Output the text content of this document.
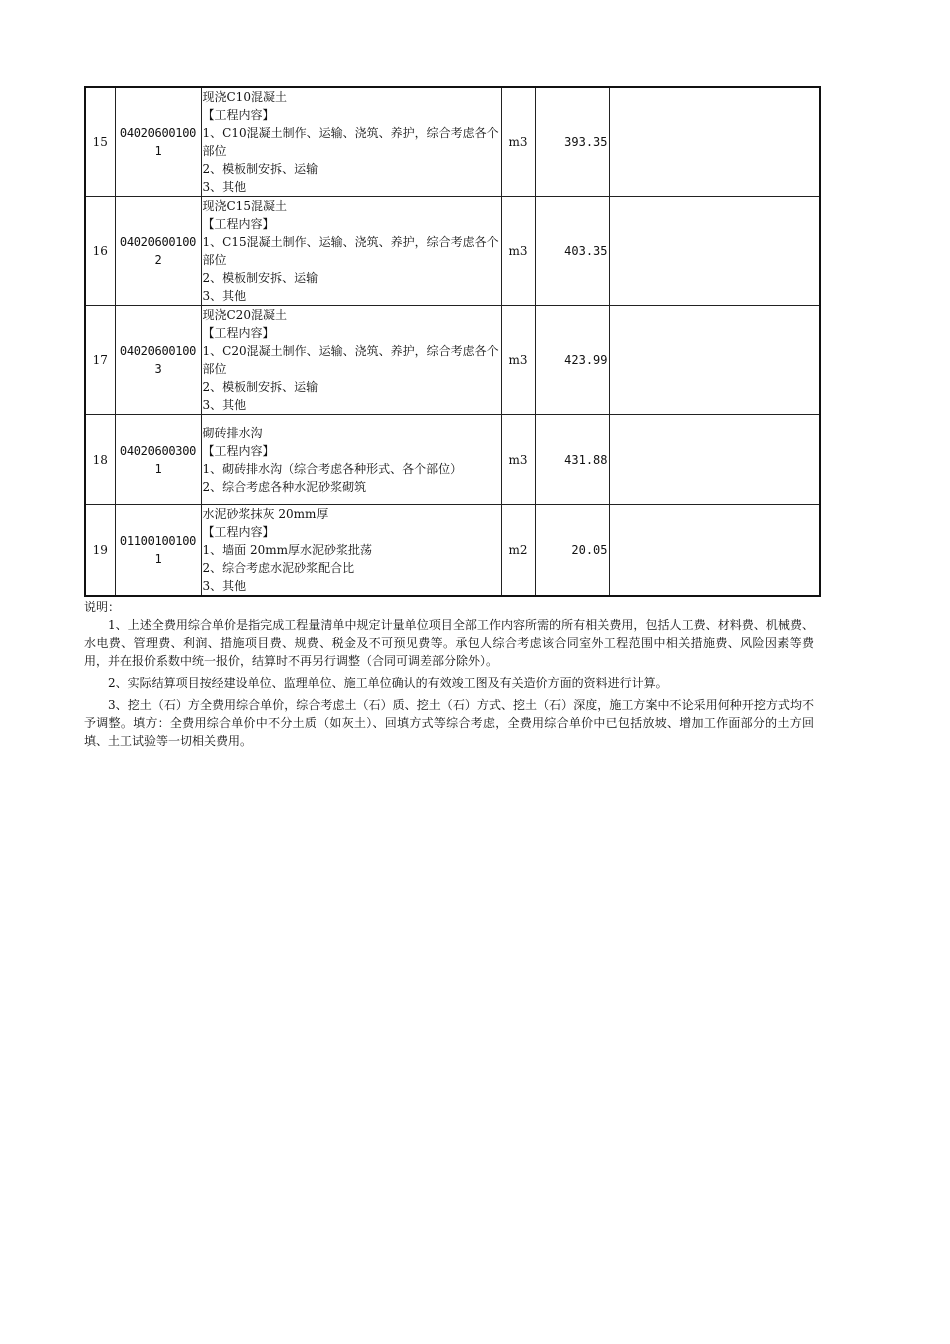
15	040206001001	现浇C10混凝土
【工程内容】
1、C10混凝土制作、运输、浇筑、养护，综合考虑各个部位
2、模板制安拆、运输
3、其他	m3	393.35	
16	040206001002	现浇C15混凝土
【工程内容】
1、C15混凝土制作、运输、浇筑、养护，综合考虑各个部位
2、模板制安拆、运输
3、其他	m3	403.35	
17	040206001003	现浇C20混凝土
【工程内容】
1、C20混凝土制作、运输、浇筑、养护，综合考虑各个部位
2、模板制安拆、运输
3、其他	m3	423.99	
18	040206003001	砌砖排水沟
【工程内容】
1、砌砖排水沟（综合考虑各种形式、各个部位）
2、综合考虑各种水泥砂浆砌筑	m3	431.88	
19	011001001001	水泥砂浆抹灰 20mm厚
【工程内容】
1、墙面 20mm厚水泥砂浆批荡
2、综合考虑水泥砂浆配合比
3、其他	m2	20.05	

说明：

1、上述全费用综合单价是指完成工程量清单中规定计量单位项目全部工作内容所需的所有相关费用，包括人工费、材料费、机械费、水电费、管理费、利润、措施项目费、规费、税金及不可预见费等。承包人综合考虑该合同室外工程范围中相关措施费、风险因素等费用，并在报价系数中统一报价，结算时不再另行调整（合同可调差部分除外）。

2、实际结算项目按经建设单位、监理单位、施工单位确认的有效竣工图及有关造价方面的资料进行计算。

3、挖土（石）方全费用综合单价，综合考虑土（石）质、挖土（石）方式、挖土（石）深度，施工方案中不论采用何种开挖方式均不予调整。填方：全费用综合单价中不分土质（如灰土）、回填方式等综合考虑，全费用综合单价中已包括放坡、增加工作面部分的土方回填、土工试验等一切相关费用。
